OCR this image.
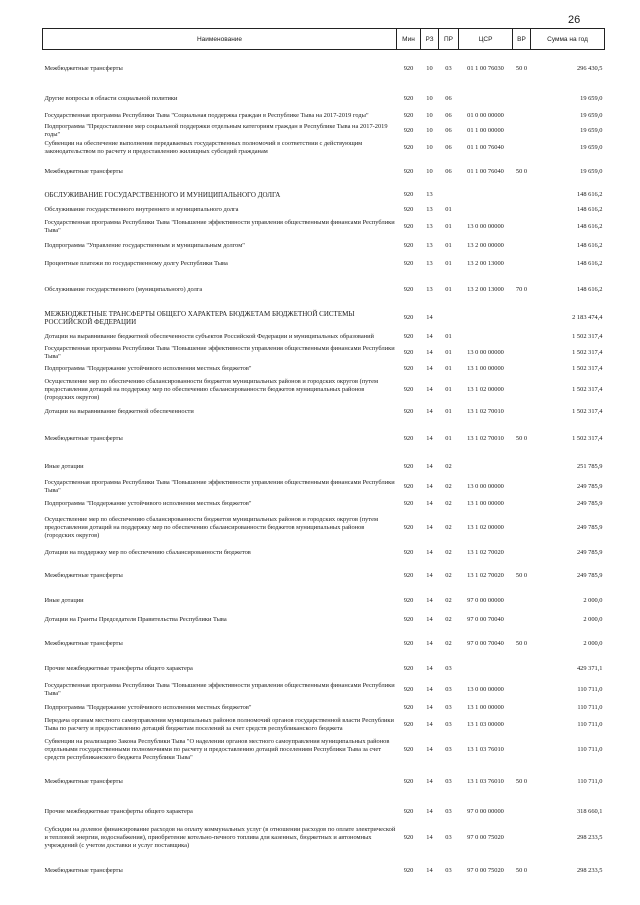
26
Наименование	Мин	РЗ	ПР	ЦСР	ВР	Сумма на год
Межбюджетные трансферты	920	10	03	01 1 00 76030	50 0	296 430,5
Другие вопросы в области социальной политики	920	10	06			19 659,0
Государственная программа Республики Тыва "Социальная поддержка граждан в Республике Тыва на 2017-2019 годы"	920	10	06	01 0 00 00000		19 659,0
Подпрограмма "Предоставление мер социальной поддержки отдельным категориям граждан в Республике Тыва на 2017-2019 годы"	920	10	06	01 1 00 00000		19 659,0
Субвенции на обеспечение выполнения передаваемых государственных полномочий в соответствии с действующим законодательством по расчету и предоставлению жилищных субсидий гражданам	920	10	06	01 1 00 76040		19 659,0
Межбюджетные трансферты	920	10	06	01 1 00 76040	50 0	19 659,0
ОБСЛУЖИВАНИЕ ГОСУДАРСТВЕННОГО И МУНИЦИПАЛЬНОГО ДОЛГА	920	13				148 616,2
Обслуживание государственного внутреннего и муниципального долга	920	13	01			148 616,2
Государственная программа Республики Тыва "Повышение эффективности управления общественными финансами Республики Тыва"	920	13	01	13 0 00 00000		148 616,2
Подпрограмма "Управление государственным и муниципальным долгом"	920	13	01	13 2 00 00000		148 616,2
Процентные платежи по государственному долгу Республики Тыва	920	13	01	13 2 00 13000		148 616,2
Обслуживание государственного (муниципального) долга	920	13	01	13 2 00 13000	70 0	148 616,2
МЕЖБЮДЖЕТНЫЕ ТРАНСФЕРТЫ ОБЩЕГО ХАРАКТЕРА БЮДЖЕТАМ БЮДЖЕТНОЙ СИСТЕМЫ РОССИЙСКОЙ ФЕДЕРАЦИИ	920	14				2 183 474,4
Дотации на выравнивание бюджетной обеспеченности субъектов Российской Федерации и муниципальных образований	920	14	01			1 502 317,4
Государственная программа Республики Тыва "Повышение эффективности управления общественными финансами Республики Тыва"	920	14	01	13 0 00 00000		1 502 317,4
Подпрограмма "Поддержание устойчивого исполнения местных бюджетов"	920	14	01	13 1 00 00000		1 502 317,4
Осуществление мер по обеспечению сбалансированности бюджетов муниципальных районов и городских округов (путем предоставления дотаций на поддержку мер по обеспечению сбалансированности бюджетов муниципальных районов (городских округов)	920	14	01	13 1 02 00000		1 502 317,4
Дотации на выравнивание бюджетной обеспеченности	920	14	01	13 1 02 70010		1 502 317,4
Межбюджетные трансферты	920	14	01	13 1 02 70010	50 0	1 502 317,4
Иные дотации	920	14	02			251 785,9
Государственная программа Республики Тыва "Повышение эффективности управления общественными финансами Республики Тыва"	920	14	02	13 0 00 00000		249 785,9
Подпрограмма "Поддержание устойчивого исполнения местных бюджетов"	920	14	02	13 1 00 00000		249 785,9
Осуществление мер по обеспечению сбалансированности бюджетов муниципальных районов и городских округов (путем предоставления дотаций на поддержку мер по обеспечению сбалансированности бюджетов муниципальных районов (городских округов)	920	14	02	13 1 02 00000		249 785,9
Дотации на поддержку мер по обеспечению сбалансированности бюджетов	920	14	02	13 1 02 70020		249 785,9
Межбюджетные трансферты	920	14	02	13 1 02 70020	50 0	249 785,9
Иные дотации	920	14	02	97 0 00 00000		2 000,0
Дотации на Гранты Председателя Правительства Республики Тыва	920	14	02	97 0 00 70040		2 000,0
Межбюджетные трансферты	920	14	02	97 0 00 70040	50 0	2 000,0
Прочие межбюджетные трансферты общего характера	920	14	03			429 371,1
Государственная программа Республики Тыва "Повышение эффективности управления общественными финансами Республики Тыва"	920	14	03	13 0 00 00000		110 711,0
Подпрограмма "Поддержание устойчивого исполнения местных бюджетов"	920	14	03	13 1 00 00000		110 711,0
Передача органам местного самоуправления муниципальных районов полномочий органов государственной власти Республики Тыва по расчету и предоставлению дотаций бюджетам поселений за счет средств республиканского бюджета	920	14	03	13 1 03 00000		110 711,0
Субвенции на реализацию Закона Республики Тыва "О наделении органов местного самоуправления муниципальных районов отдельными государственными полномочиями по расчету и предоставлению дотаций поселениям Республики Тыва за счет средств республиканского бюджета Республики Тыва"	920	14	03	13 1 03 76010		110 711,0
Межбюджетные трансферты	920	14	03	13 1 03 76010	50 0	110 711,0
Прочие межбюджетные трансферты общего характера	920	14	03	97 0 00 00000		318 660,1
Субсидии на долевое финансирование расходов на оплату коммунальных услуг (в отношении расходов по оплате электрической и тепловой энергии, водоснабжения), приобретение котельно-печного топлива для казенных, бюджетных и автономных учреждений (с учетом доставки и услуг поставщика)	920	14	03	97 0 00 75020		298 233,5
Межбюджетные трансферты	920	14	03	97 0 00 75020	50 0	298 233,5
